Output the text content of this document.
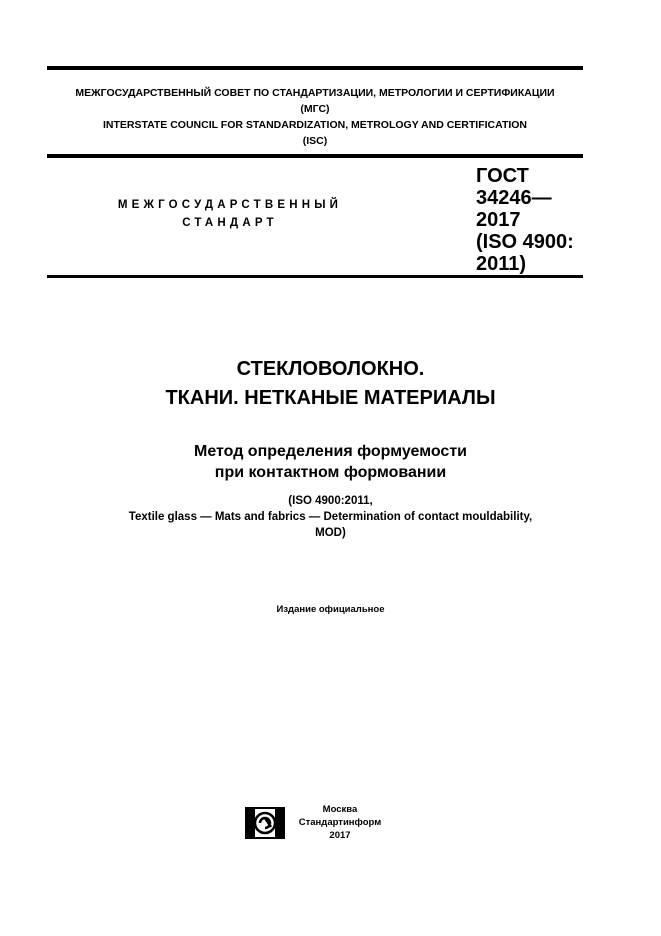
МЕЖГОСУДАРСТВЕННЫЙ СОВЕТ ПО СТАНДАРТИЗАЦИИ, МЕТРОЛОГИИ И СЕРТИФИКАЦИИ
(МГС)
INTERSTATE COUNCIL FOR STANDARDIZATION, METROLOGY AND CERTIFICATION
(ISC)
МЕЖГОСУДАРСТВЕННЫЙ
СТАНДАРТ
ГОСТ
34246—
2017
(ISO 4900:
2011)
СТЕКЛОВОЛОКНО.
ТКАНИ. НЕТКАНЫЕ МАТЕРИАЛЫ
Метод определения формуемости
при контактном формовании
(ISO 4900:2011,
Textile glass — Mats and fabrics — Determination of contact mouldability,
MOD)
Издание официальное
Москва
Стандартинформ
2017
